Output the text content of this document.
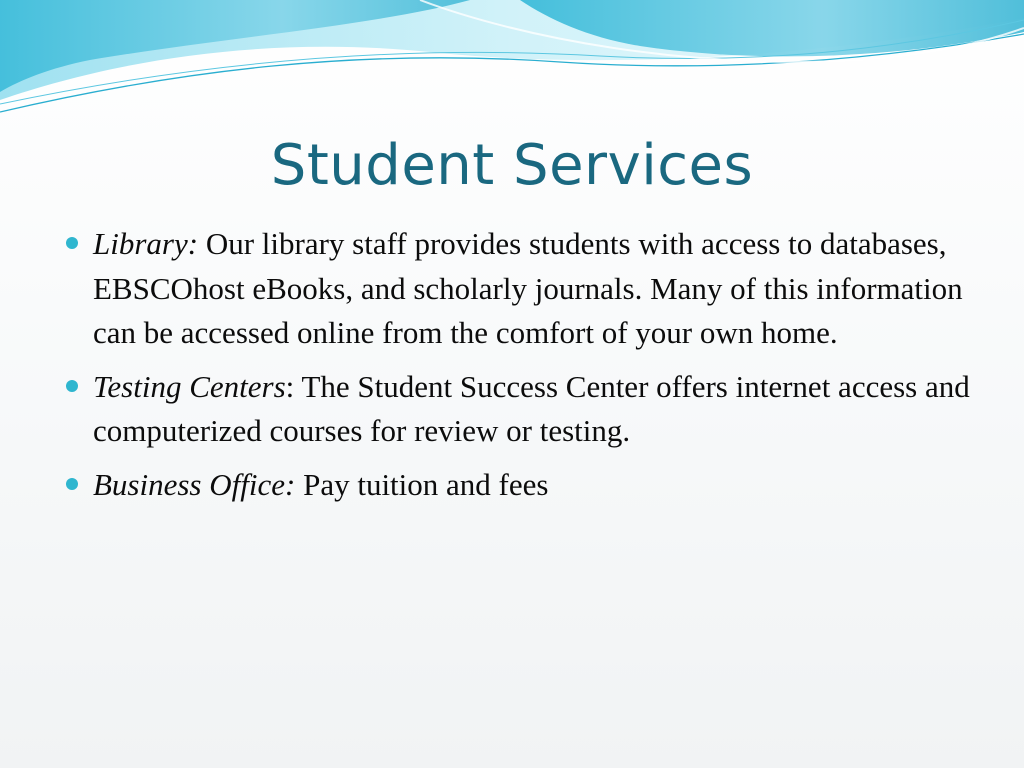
Student Services
Library: Our library staff provides students with access to databases, EBSCOhost eBooks, and scholarly journals. Many of this information can be accessed online from the comfort of your own home.
Testing Centers: The Student Success Center offers internet access and computerized courses for review or testing.
Business Office: Pay tuition and fees
